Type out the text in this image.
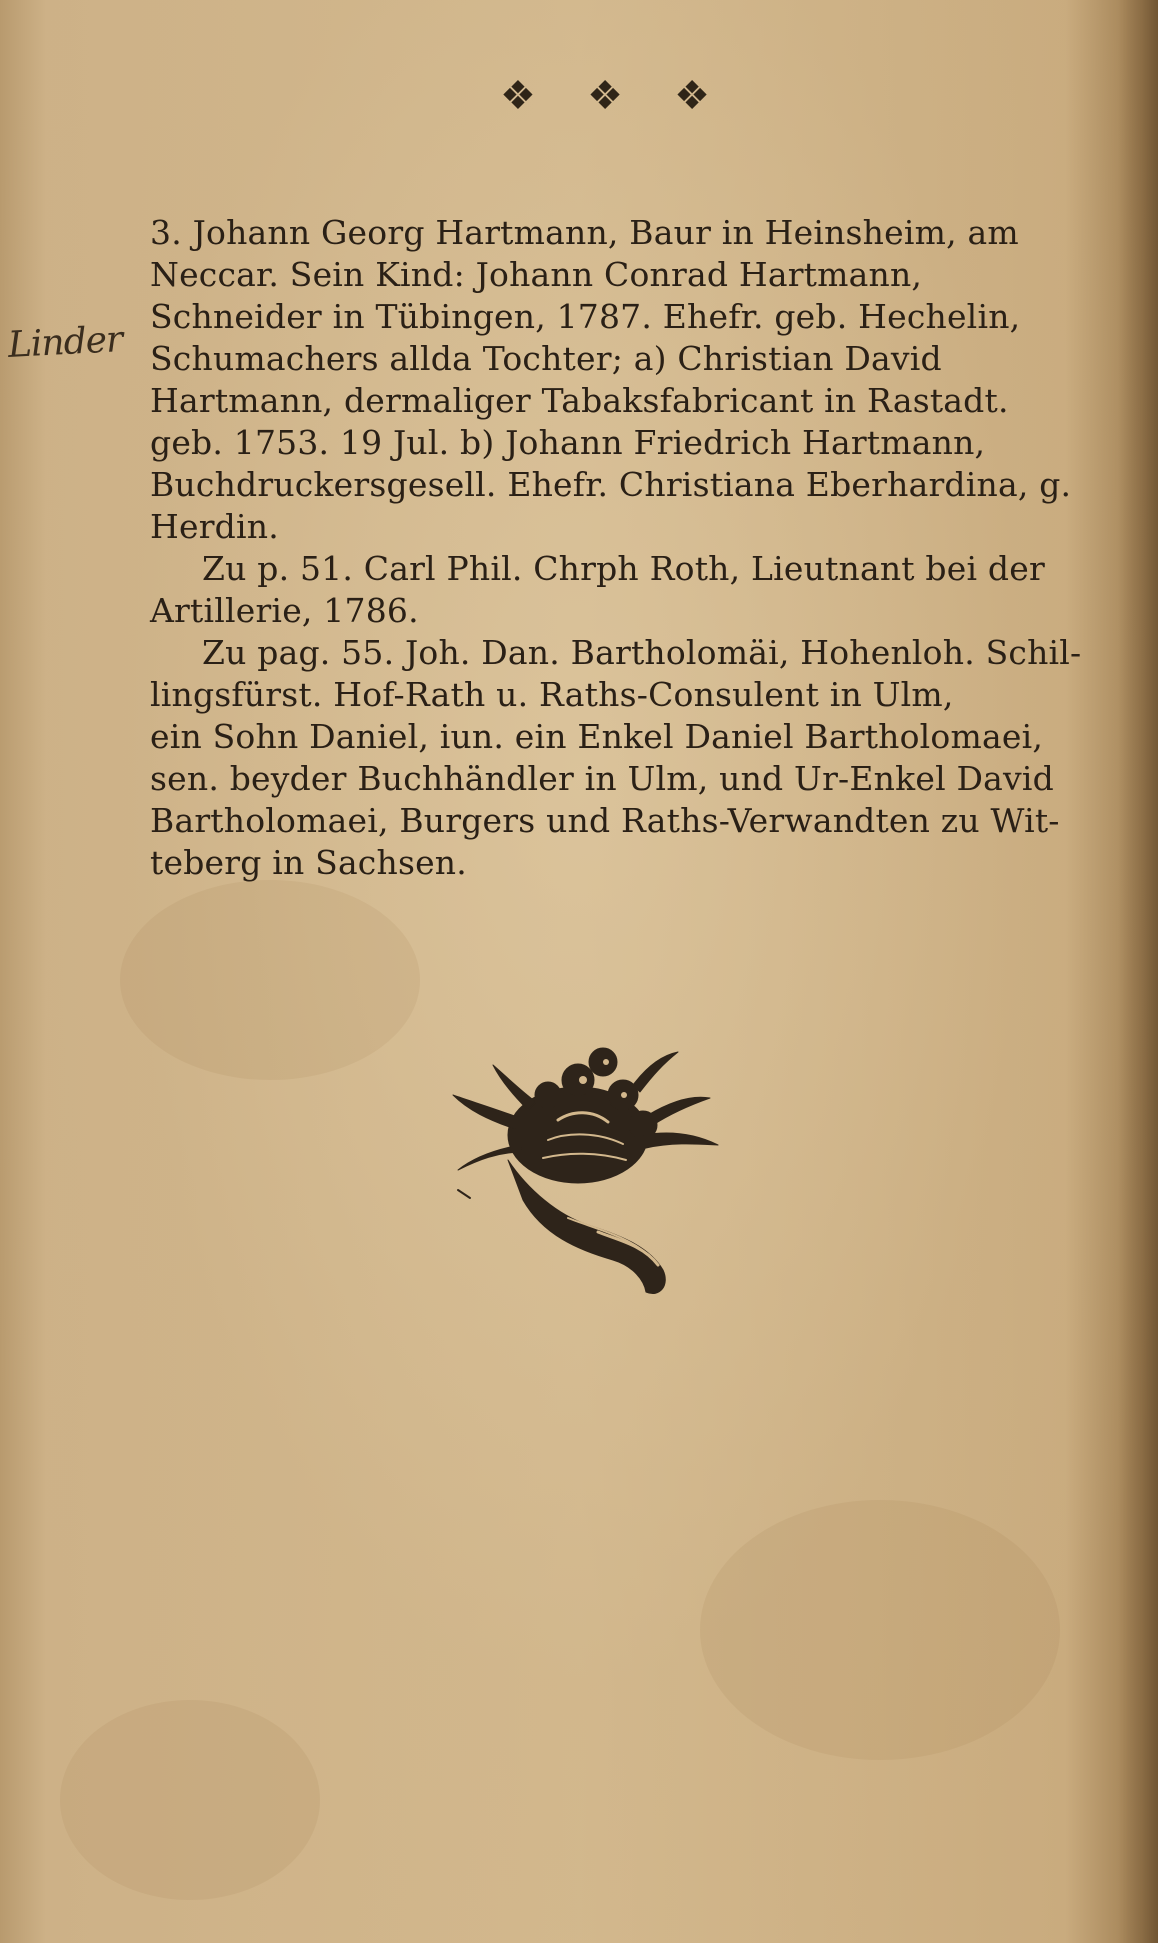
❖ ❖ ❖
Linder
3. Johann Georg Hartmann, Baur in Heinsheim, am
Neccar. Sein Kind: Johann Conrad Hartmann,
Schneider in Tübingen, 1787. Ehefr. geb. Hechelin,
Schumachers allda Tochter; a) Christian David
Hartmann, dermaliger Tabaksfabricant in Rastadt.
geb. 1753. 19 Jul. b) Johann Friedrich Hartmann,
Buchdruckersgesell. Ehefr. Christiana Eberhardina, g.
Herdin.
Zu p. 51. Carl Phil. Chrph Roth, Lieutnant bei der
Artillerie, 1786.
Zu pag. 55. Joh. Dan. Bartholomäi, Hohenloh. Schil-
lingsfürst. Hof-Rath u. Raths-Consulent in Ulm,
ein Sohn Daniel, iun. ein Enkel Daniel Bartholomaei,
sen. beyder Buchhändler in Ulm, und Ur-Enkel David
Bartholomaei, Burgers und Raths-Verwandten zu Wit-
teberg in Sachsen.
